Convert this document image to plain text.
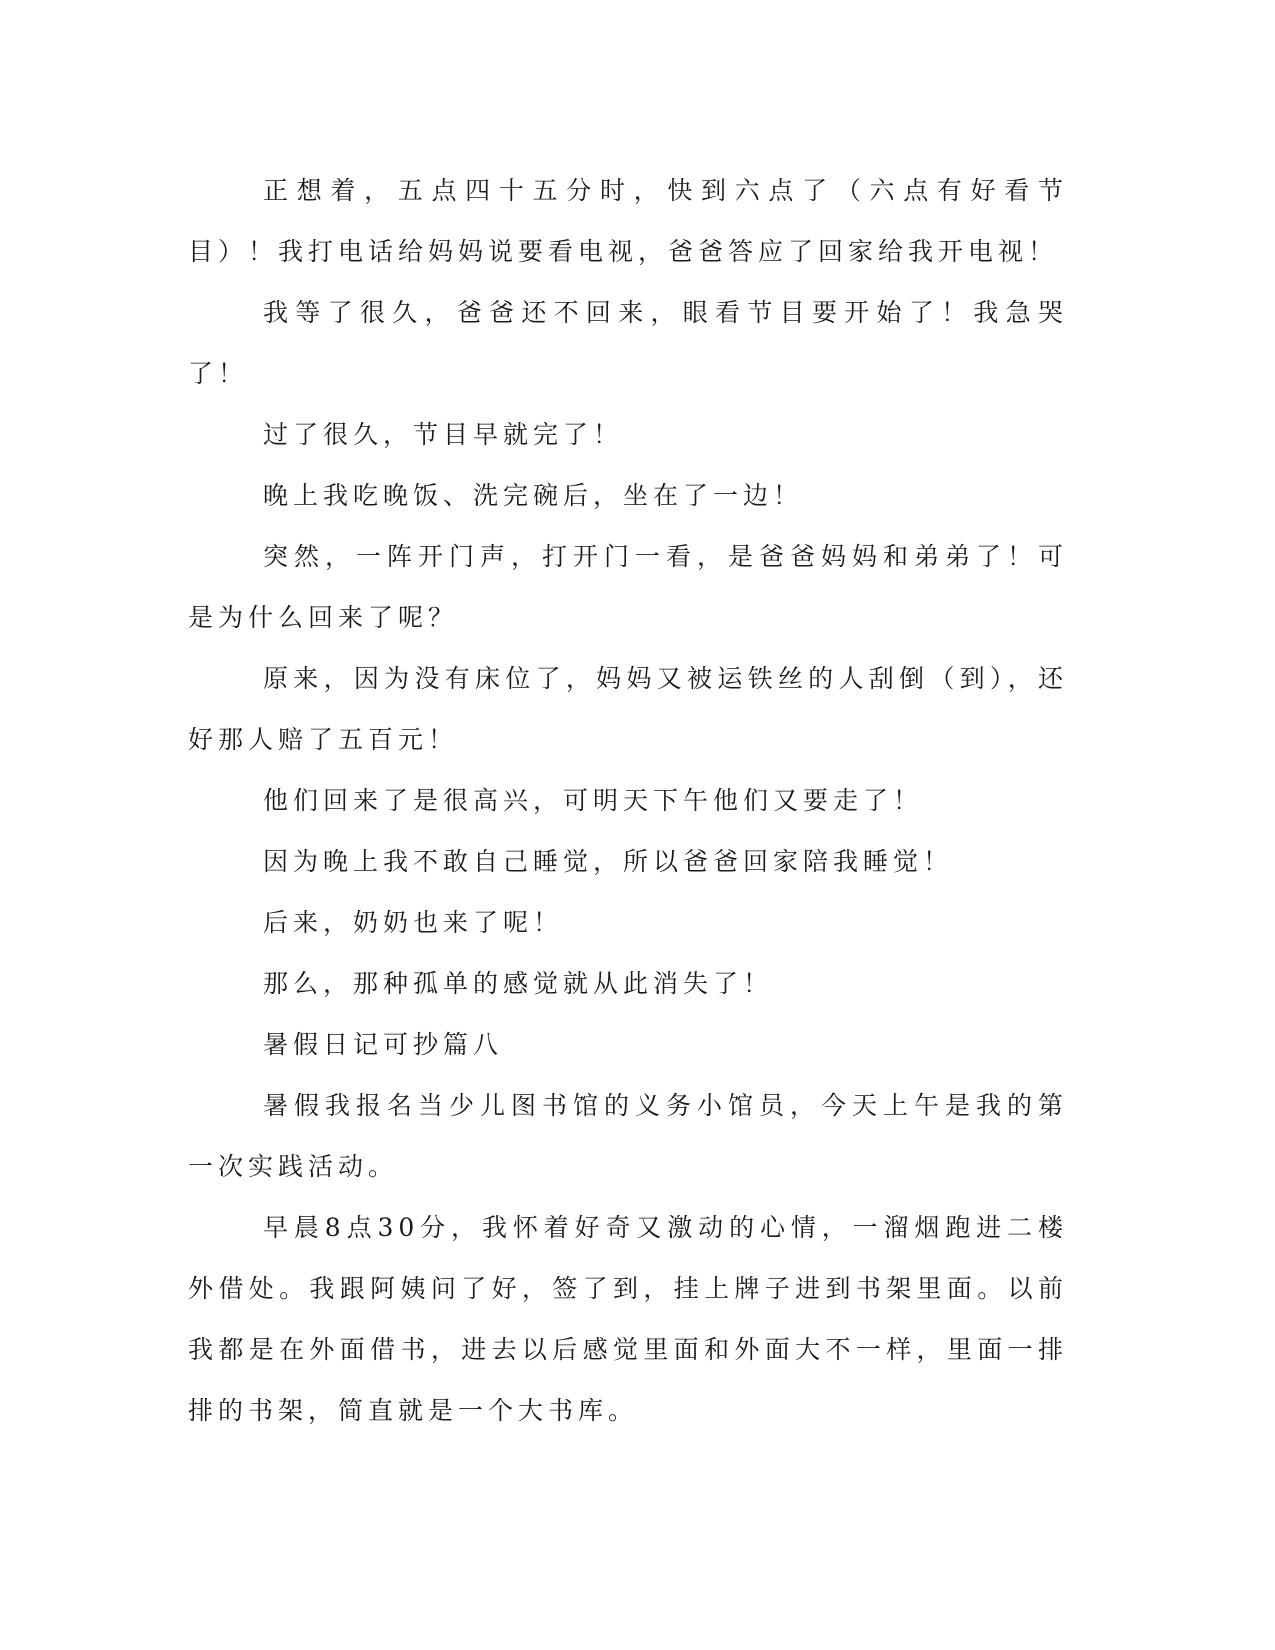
正想着，五点四十五分时，快到六点了（六点有好看节目）！我打电话给妈妈说要看电视，爸爸答应了回家给我开电视！

我等了很久，爸爸还不回来，眼看节目要开始了！我急哭了！

过了很久，节目早就完了！

晚上我吃晚饭、洗完碗后，坐在了一边！

突然，一阵开门声，打开门一看，是爸爸妈妈和弟弟了！可是为什么回来了呢？

原来，因为没有床位了，妈妈又被运铁丝的人刮倒（到），还好那人赔了五百元！

他们回来了是很高兴，可明天下午他们又要走了！

因为晚上我不敢自己睡觉，所以爸爸回家陪我睡觉！

后来，奶奶也来了呢！

那么，那种孤单的感觉就从此消失了！

暑假日记可抄篇八

暑假我报名当少儿图书馆的义务小馆员，今天上午是我的第一次实践活动。

早晨8点30分，我怀着好奇又激动的心情，一溜烟跑进二楼外借处。我跟阿姨问了好，签了到，挂上牌子进到书架里面。以前我都是在外面借书，进去以后感觉里面和外面大不一样，里面一排排的书架，简直就是一个大书库。
